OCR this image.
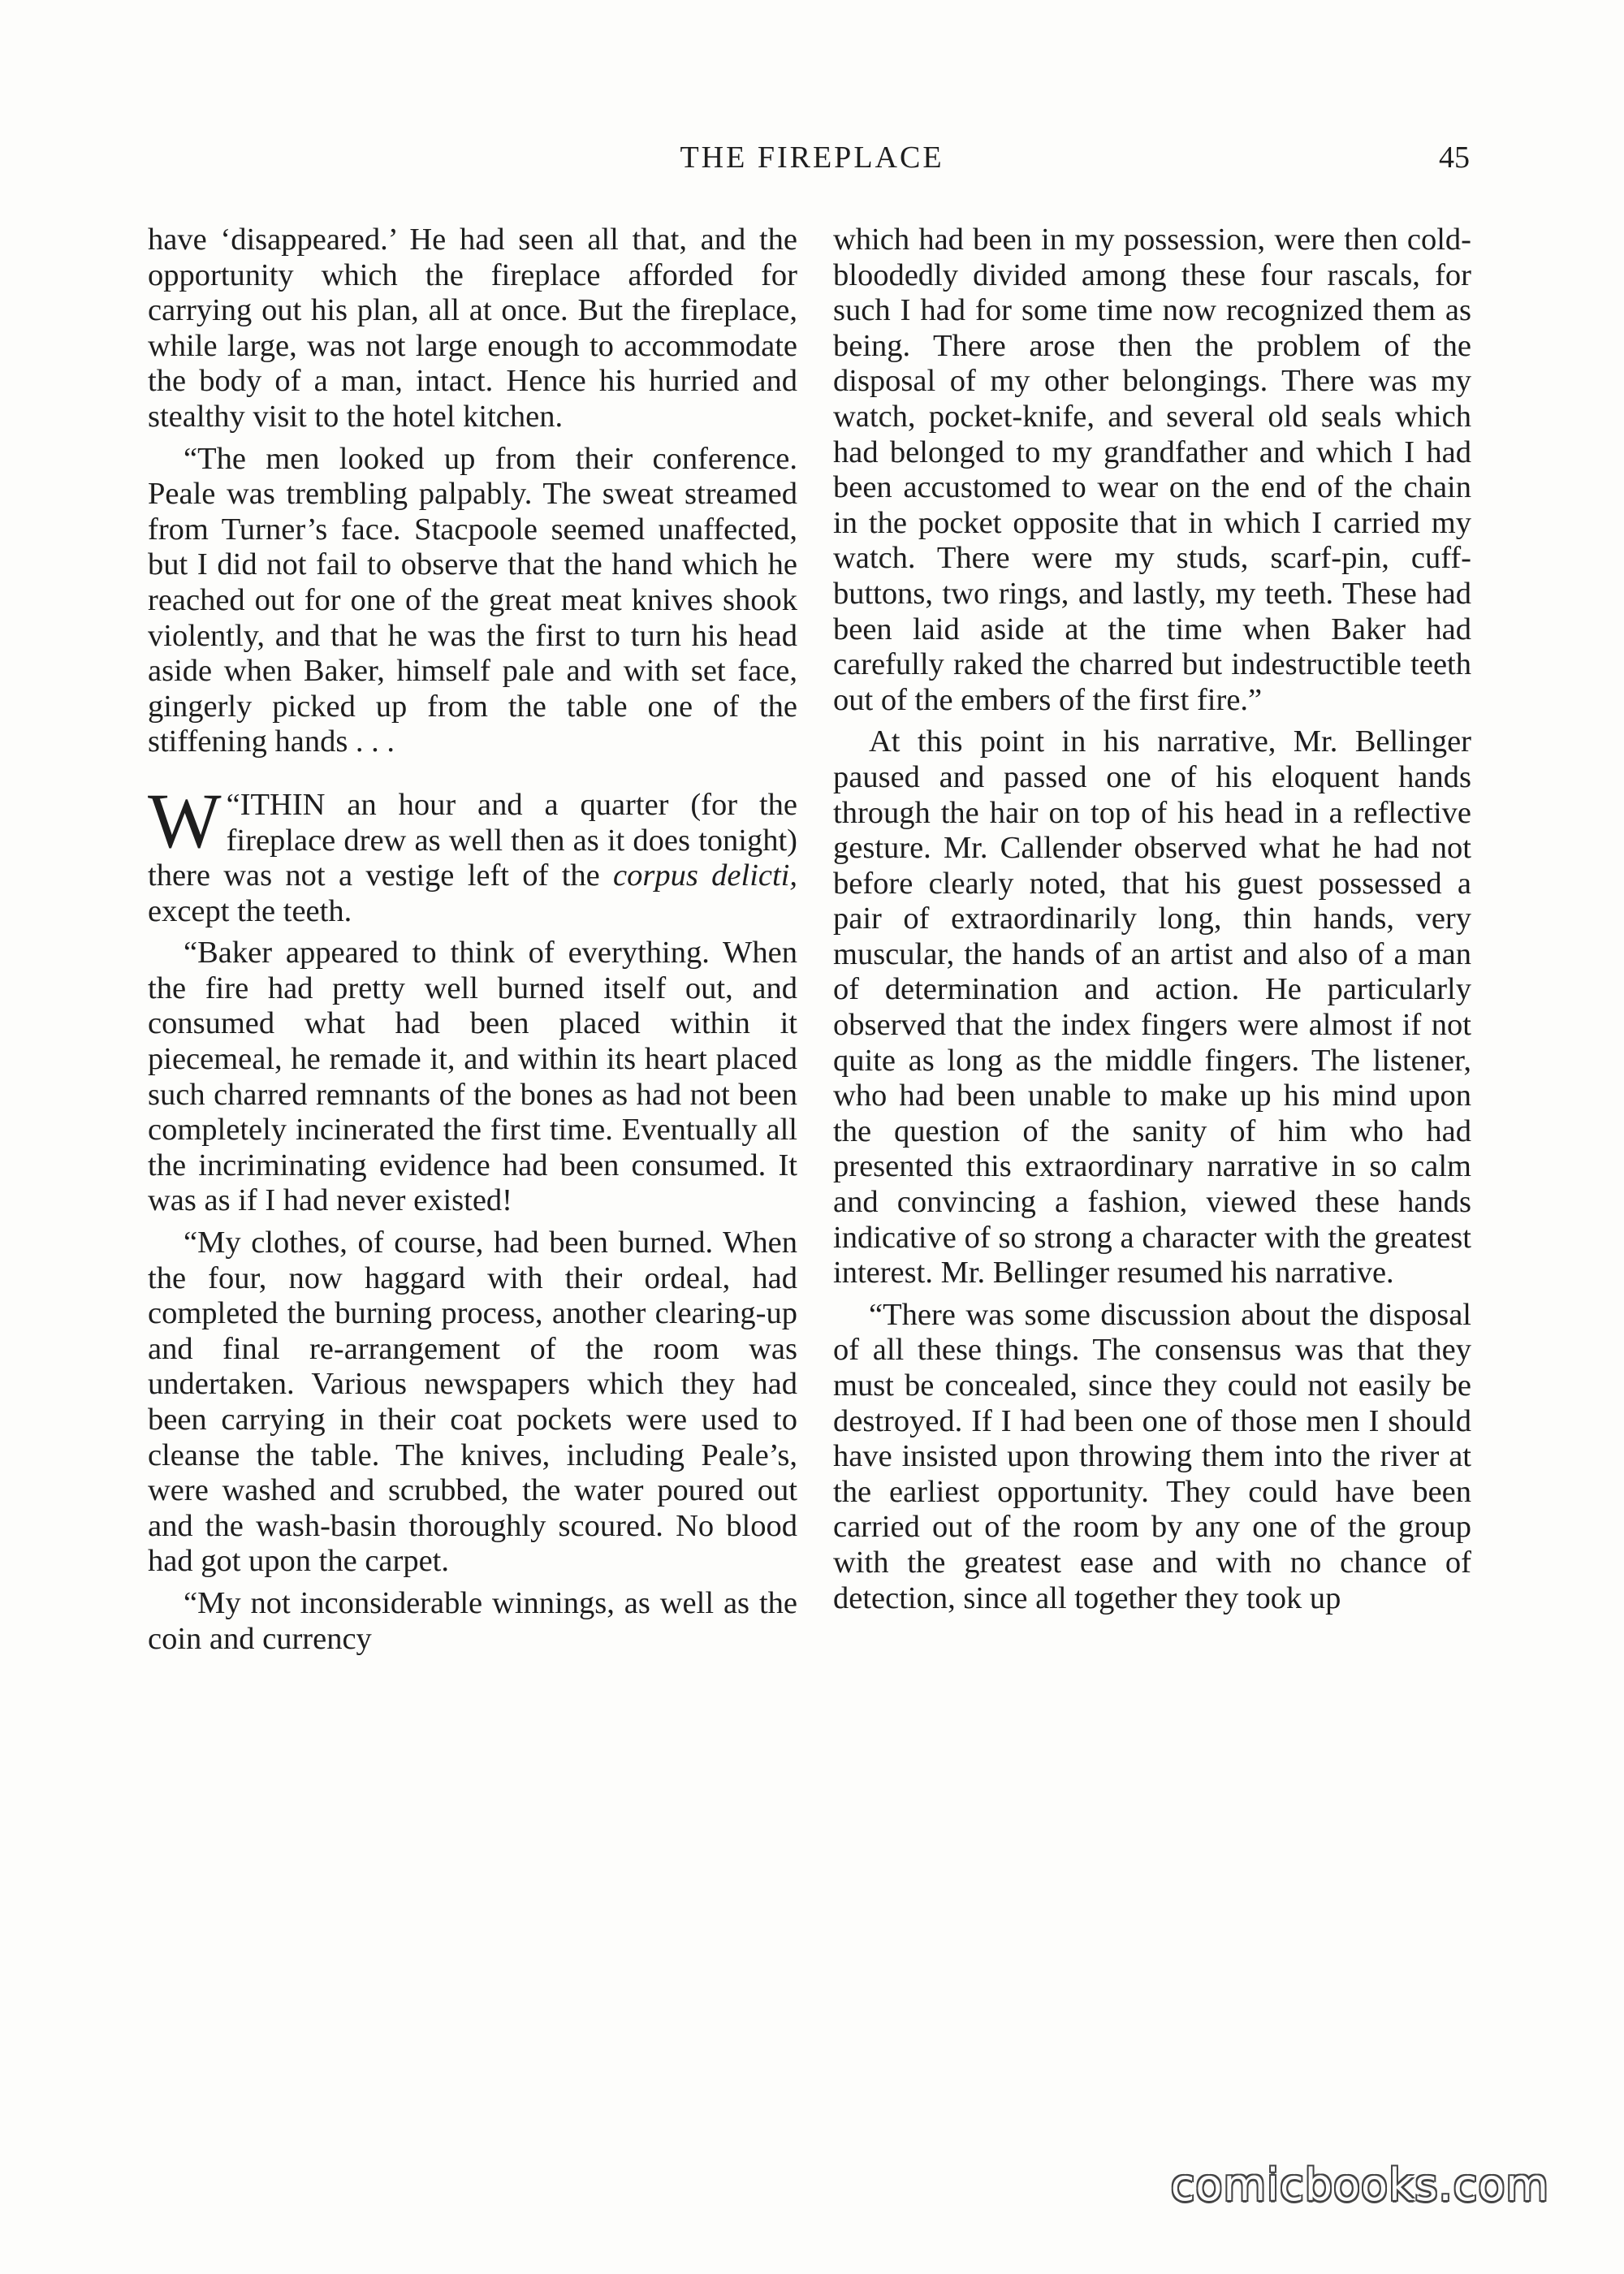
THE FIREPLACE	45

have ‘disappeared.’ He had seen all that, and the opportunity which the fireplace afforded for carrying out his plan, all at once. But the fireplace, while large, was not large enough to accommodate the body of a man, intact. Hence his hurried and stealthy visit to the hotel kitchen.

“The men looked up from their conference. Peale was trembling palpably. The sweat streamed from Turner’s face. Stacpoole seemed unaffected, but I did not fail to observe that the hand which he reached out for one of the great meat knives shook violently, and that he was the first to turn his head aside when Baker, himself pale and with set face, gingerly picked up from the table one of the stiffening hands . . .

“
W ITHIN an hour and a quarter (for the fireplace drew as well then as it does tonight) there was not a vestige left of the corpus delicti, except the teeth.

“Baker appeared to think of everything. When the fire had pretty well burned itself out, and consumed what had been placed within it piecemeal, he remade it, and within its heart placed such charred remnants of the bones as had not been completely incinerated the first time. Eventually all the incriminating evidence had been consumed. It was as if I had never existed!

“My clothes, of course, had been burned. When the four, now haggard with their ordeal, had completed the burning process, another clearing-up and final re-arrangement of the room was undertaken. Various newspapers which they had been carrying in their coat pockets were used to cleanse the table. The knives, including Peale’s, were washed and scrubbed, the water poured out and the wash-basin thoroughly scoured. No blood had got upon the carpet.

“My not inconsiderable winnings, as well as the coin and currency

which had been in my possession, were then cold-bloodedly divided among these four rascals, for such I had for some time now recognized them as being. There arose then the problem of the disposal of my other belongings. There was my watch, pocket-knife, and several old seals which had belonged to my grandfather and which I had been accustomed to wear on the end of the chain in the pocket opposite that in which I carried my watch. There were my studs, scarf-pin, cuff-buttons, two rings, and lastly, my teeth. These had been laid aside at the time when Baker had carefully raked the charred but indestructible teeth out of the embers of the first fire.”

At this point in his narrative, Mr. Bellinger paused and passed one of his eloquent hands through the hair on top of his head in a reflective gesture. Mr. Callender observed what he had not before clearly noted, that his guest possessed a pair of extraordinarily long, thin hands, very muscular, the hands of an artist and also of a man of determination and action. He particularly observed that the index fingers were almost if not quite as long as the middle fingers. The listener, who had been unable to make up his mind upon the question of the sanity of him who had presented this extraordinary narrative in so calm and convincing a fashion, viewed these hands indicative of so strong a character with the greatest interest. Mr. Bellinger resumed his narrative.

“There was some discussion about the disposal of all these things. The consensus was that they must be concealed, since they could not easily be destroyed. If I had been one of those men I should have insisted upon throwing them into the river at the earliest opportunity. They could have been carried out of the room by any one of the group with the greatest ease and with no chance of detection, since all together they took up

comicbooks.com
